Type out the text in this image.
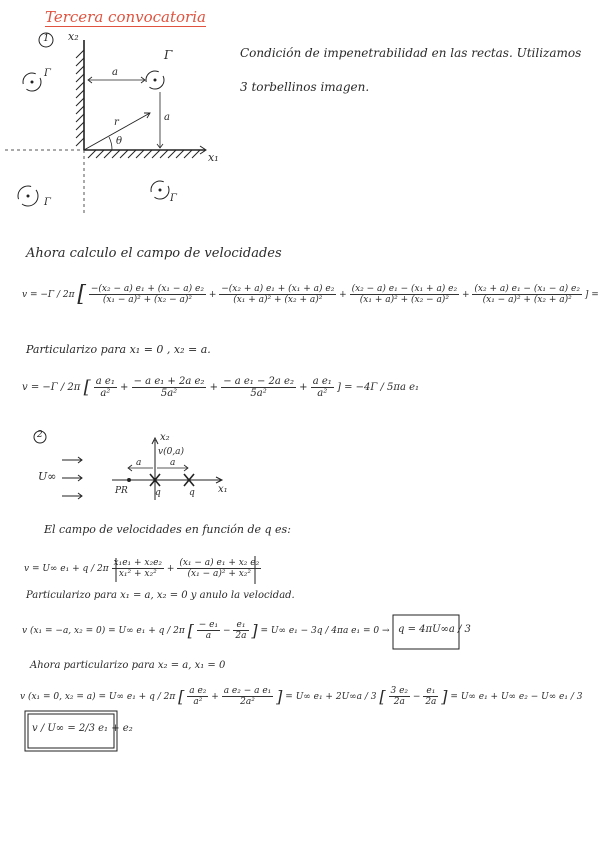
Tercera convocatoria
1 x₂
x₁
Γ
Γ
Γ	Γ
a
a
r
θ
Condición de impenetrabilidad en las rectas. Utilizamos
3 torbellinos imagen.
Ahora calculo el campo de velocidades
v = −Γ / 2π [ $\frac{\text{−(x₂ − a) e₁ + (x₁ − a) e₂}}{\text{(x₁ − a)² + (x₂ − a)²}} + \frac{\text{−(x₂ + a) e₁ + (x₁ + a) e₂}}{\text{(x₁ + a)² + (x₂ + a)²}} + \frac{\text{(x₂ − a) e₁ − (x₁ + a) e₂}}{\text{(x₁ + a)² + (x₂ − a)²}} + \frac{\text{(x₂ + a) e₁ − (x₁ − a) e₂}}{\text{(x₁ − a)² + (x₂ + a)²}}$ ] =
Particularizo para x₁ = 0 , x₂ = a.
v = −Γ / 2π [ $\frac{\text{a e₁}}{\text{a²}} + \frac{\text{− a e₁ + 2a e₂}}{\text{5a²}} + \frac{\text{− a e₁ − 2a e₂}}{\text{5a²}} + \frac{\text{a e₁}}{\text{a²}}$ ] = −4Γ / 5πa e₁
2	x₂
x₁
U∞
v(0,a)
a	a
PR	q	q
El campo de velocidades en función de q es:
v = U∞ $e_1 + q / 2\pi \frac{\text{x₁e₁ + x₂e₂}}{\text{x₁² + x₂²}} + \frac{\text{(x₁ − a) e₁ + x₂ e₂}}{\text{(x₁ − a)² + x₂²}}$
Particularizo para x₁ = a, x₂ = 0 y anulo la velocidad.
v (x₁ = −a, x₂ = 0) = U∞ e₁ + q / 2π [ $\frac{\text{− e₁}}{a} - \frac{\text{e₁}}{2a}$ ] = U∞ e₁ − 3q / 4πa e₁ = 0 → q = 4πU∞a / 3
Ahora particularizo para x₂ = a, x₁ = 0
v (x₁ = 0, x₂ = a) = U∞ e₁ + q / 2π [ $\frac{\text{a e₂}}{\text{a²}} + \frac{\text{a e₂ − a e₁}}{\text{2a²}}$ ] = U∞ e₁ + 2U∞a / 3 [ $\frac{\text{3 e₂}}{2a} - \frac{\text{e₁}}{2a}$ ] = U∞ e₁ + U∞ e₂ − U∞ e₁ / 3
v / U∞ = 2/3 e₁ + e₂
